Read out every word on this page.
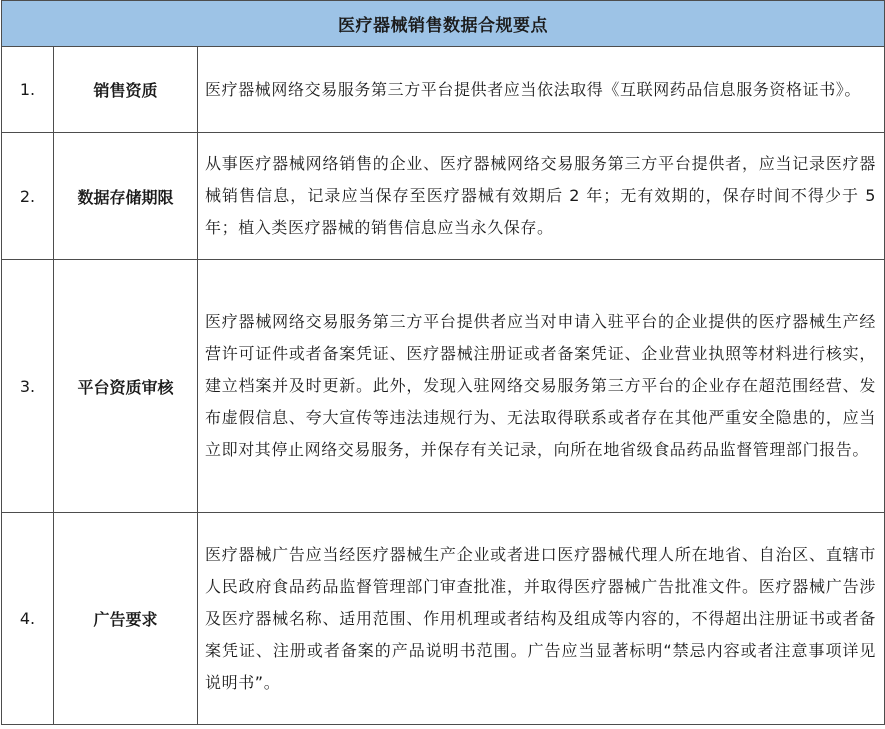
医疗器械销售数据合规要点		
1.	销售资质	医疗器械网络交易服务第三方平台提供者应当依法取得《互联网药品信息服务资格证书》。
2.	数据存储期限	从事医疗器械网络销售的企业、医疗器械网络交易服务第三方平台提供者，应当记录医疗器械销售信息，记录应当保存至医疗器械有效期后 2 年；无有效期的，保存时间不得少于 5 年；植入类医疗器械的销售信息应当永久保存。
3.	平台资质审核	医疗器械网络交易服务第三方平台提供者应当对申请入驻平台的企业提供的医疗器械生产经营许可证件或者备案凭证、医疗器械注册证或者备案凭证、企业营业执照等材料进行核实，建立档案并及时更新。此外，发现入驻网络交易服务第三方平台的企业存在超范围经营、发布虚假信息、夸大宣传等违法违规行为、无法取得联系或者存在其他严重安全隐患的，应当立即对其停止网络交易服务，并保存有关记录，向所在地省级食品药品监督管理部门报告。
4.	广告要求	医疗器械广告应当经医疗器械生产企业或者进口医疗器械代理人所在地省、自治区、直辖市人民政府食品药品监督管理部门审查批准，并取得医疗器械广告批准文件。医疗器械广告涉及医疗器械名称、适用范围、作用机理或者结构及组成等内容的，不得超出注册证书或者备案凭证、注册或者备案的产品说明书范围。广告应当显著标明“禁忌内容或者注意事项详见说明书”。
